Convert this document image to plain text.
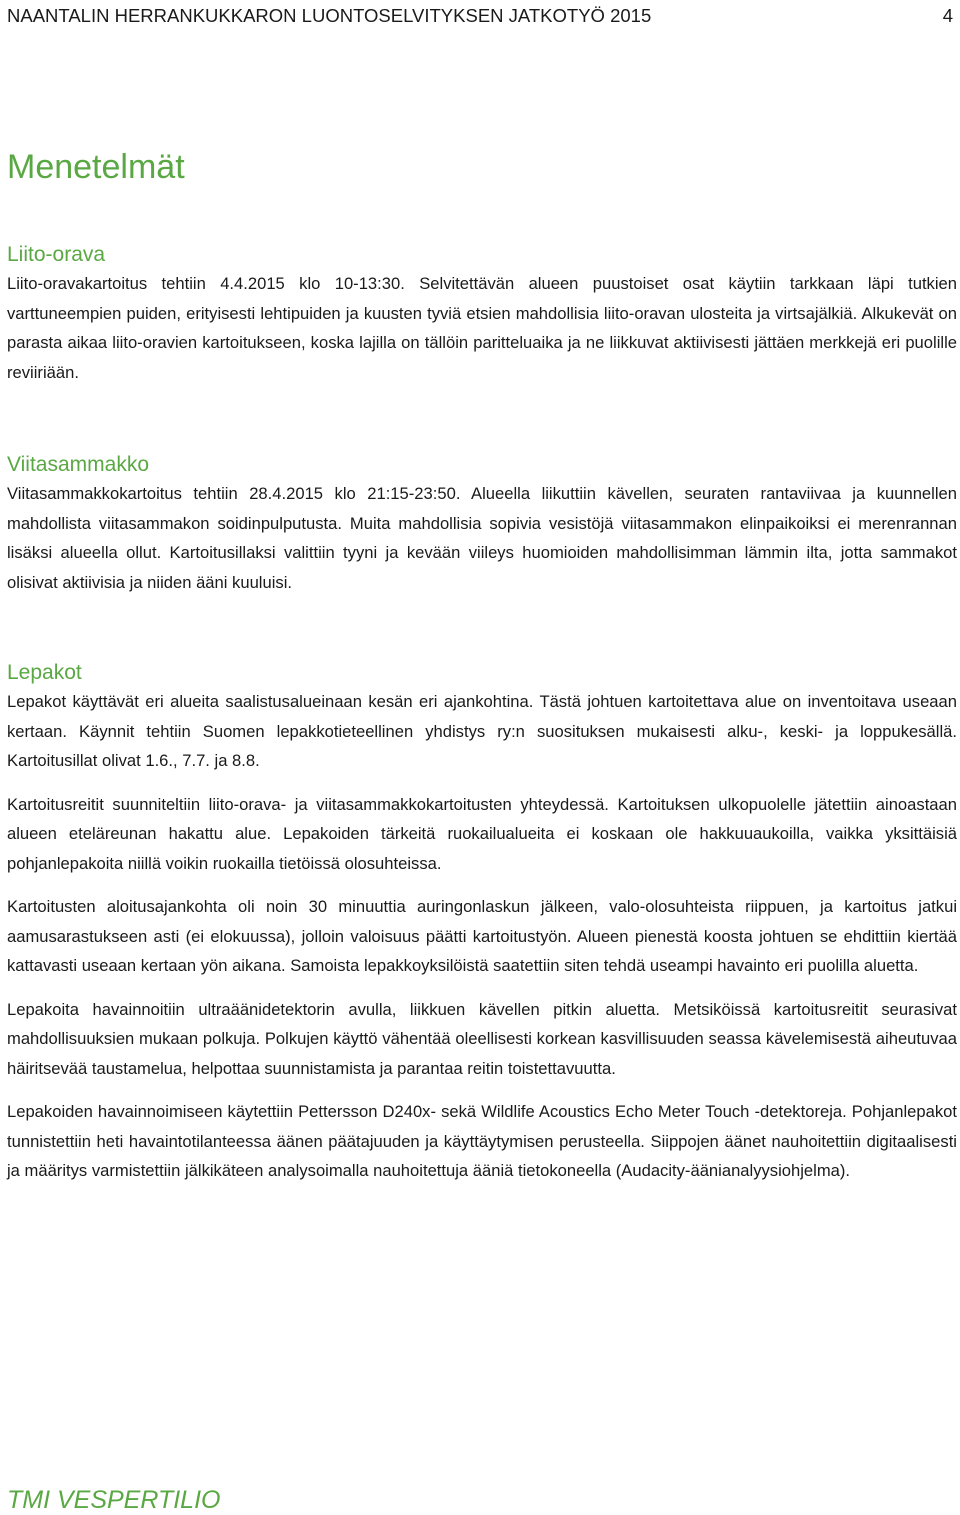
NAANTALIN HERRANKUKKARON LUONTOSELVITYKSEN JATKOTYÖ 2015	4
Menetelmät
Liito-orava

Liito-oravakartoitus tehtiin 4.4.2015 klo 10-13:30. Selvitettävän alueen puustoiset osat käytiin tarkkaan läpi tutkien varttuneempien puiden, erityisesti lehtipuiden ja kuusten tyviä etsien mahdollisia liito-oravan ulosteita ja virtsajälkiä. Alkukevät on parasta aikaa liito-oravien kartoitukseen, koska lajilla on tällöin paritteluaika ja ne liikkuvat aktiivisesti jättäen merkkejä eri puolille reviiriään.

Viitasammakko

Viitasammakkokartoitus tehtiin 28.4.2015 klo 21:15-23:50. Alueella liikuttiin kävellen, seuraten rantaviivaa ja kuunnellen mahdollista viitasammakon soidinpulputusta. Muita mahdollisia sopivia vesistöjä viitasammakon elinpaikoiksi ei merenrannan lisäksi alueella ollut. Kartoitusillaksi valittiin tyyni ja kevään viileys huomioiden mahdollisimman lämmin ilta, jotta sammakot olisivat aktiivisia ja niiden ääni kuuluisi.

Lepakot

Lepakot käyttävät eri alueita saalistusalueinaan kesän eri ajankohtina. Tästä johtuen kartoitettava alue on inventoitava useaan kertaan. Käynnit tehtiin Suomen lepakkotieteellinen yhdistys ry:n suosituksen mukaisesti alku-, keski- ja loppukesällä. Kartoitusillat olivat 1.6., 7.7. ja 8.8.

Kartoitusreitit suunniteltiin liito-orava- ja viitasammakkokartoitusten yhteydessä. Kartoituksen ulkopuolelle jätettiin ainoastaan alueen eteläreunan hakattu alue. Lepakoiden tärkeitä ruokailualueita ei koskaan ole hakkuuaukoilla, vaikka yksittäisiä pohjanlepakoita niillä voikin ruokailla tietöissä olosuhteissa.

Kartoitusten aloitusajankohta oli noin 30 minuuttia auringonlaskun jälkeen, valo-olosuhteista riippuen, ja kartoitus jatkui aamusarastukseen asti (ei elokuussa), jolloin valoisuus päätti kartoitustyön. Alueen pienestä koosta johtuen se ehdittiin kiertää kattavasti useaan kertaan yön aikana. Samoista lepakkoyksilöistä saatettiin siten tehdä useampi havainto eri puolilla aluetta.

Lepakoita havainnoitiin ultraäänidetektorin avulla, liikkuen kävellen pitkin aluetta. Metsiköissä kartoitusreitit seurasivat mahdollisuuksien mukaan polkuja. Polkujen käyttö vähentää oleellisesti korkean kasvillisuuden seassa kävelemisestä aiheutuvaa häiritsevää taustamelua, helpottaa suunnistamista ja parantaa reitin toistettavuutta.

Lepakoiden havainnoimiseen käytettiin Pettersson D240x- sekä Wildlife Acoustics Echo Meter Touch -detektoreja. Pohjanlepakot tunnistettiin heti havaintotilanteessa äänen päätajuuden ja käyttäytymisen perusteella. Siippojen äänet nauhoitettiin digitaalisesti ja määritys varmistettiin jälkikäteen analysoimalla nauhoitettuja ääniä tietokoneella (Audacity-äänianalyysiohjelma).

TMI VESPERTILIO
